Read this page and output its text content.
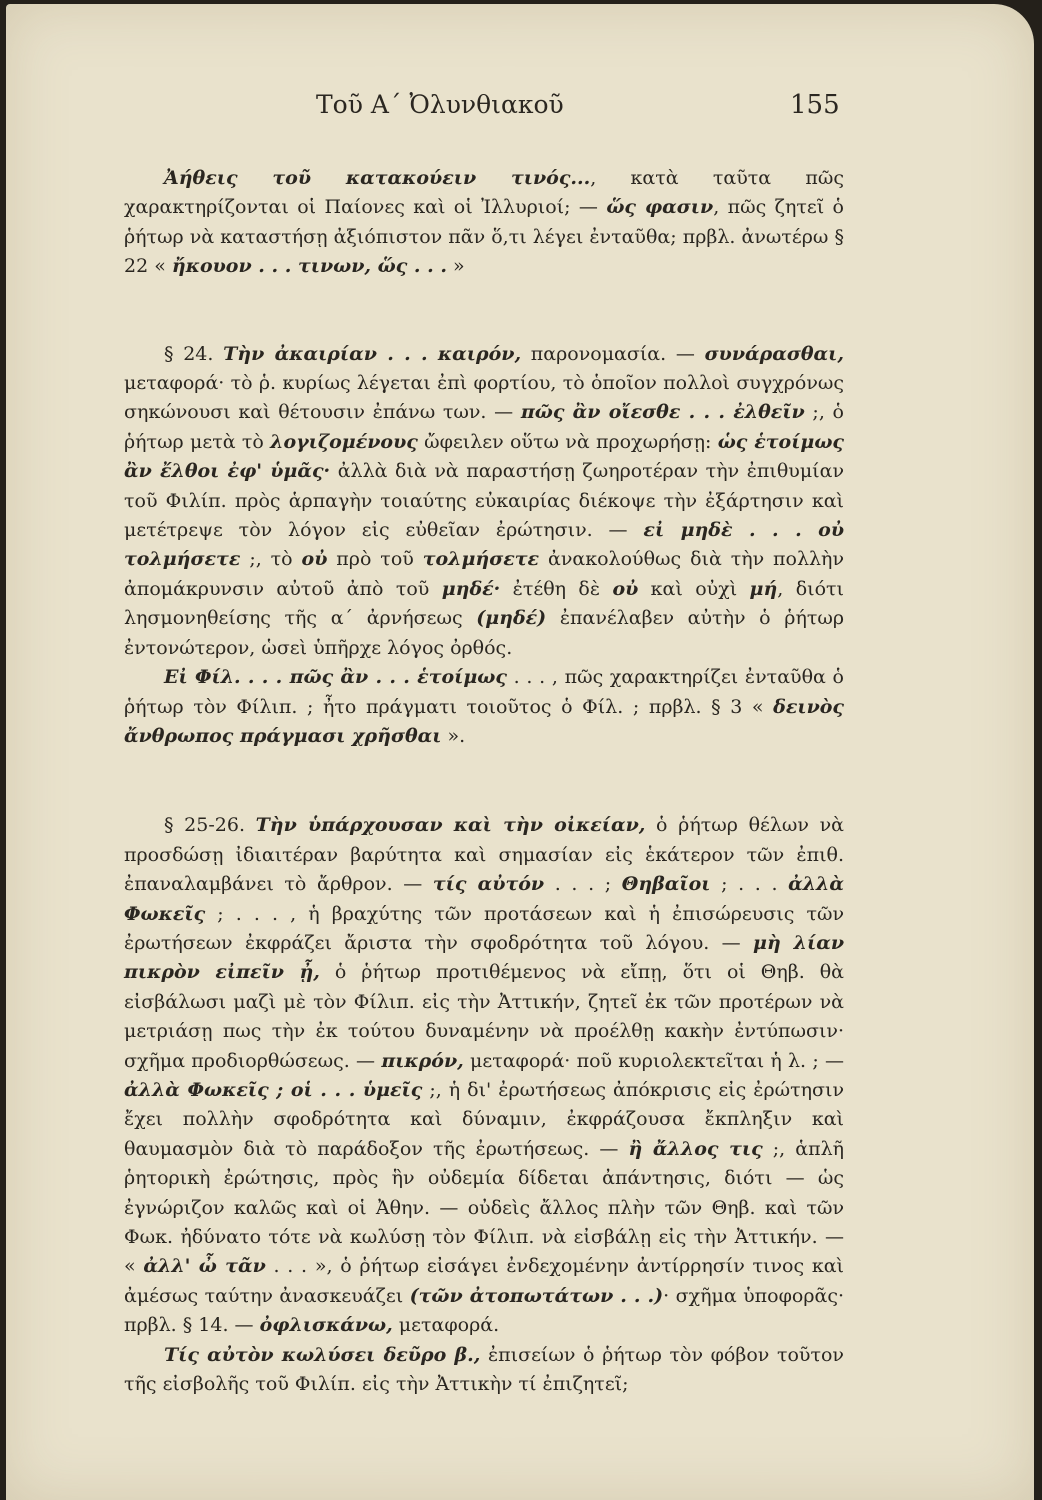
Τοῦ Α΄ Ὀλυνθιακοῦ	155

Ἀήθεις τοῦ κατακούειν τινός..., κατὰ ταῦτα πῶς χαρακτηρίζονται οἱ Παίονες καὶ οἱ Ἰλλυριοί; — ὥς φασιν, πῶς ζητεῖ ὁ ῥήτωρ νὰ καταστήσῃ ἀξιόπιστον πᾶν ὅ,τι λέγει ἐνταῦθα; πρβλ. ἀνωτέρω § 22 « ἤκουον . . . τινων, ὥς . . . »

§ 24. Τὴν ἀκαιρίαν . . . καιρόν, παρονομασία. — συνάρασθαι, μεταφορά· τὸ ῥ. κυρίως λέγεται ἐπὶ φορτίου, τὸ ὁποῖον πολλοὶ συγχρόνως σηκώνουσι καὶ θέτουσιν ἐπάνω των. — πῶς ἂν οἴεσθε . . . ἐλθεῖν ;, ὁ ῥήτωρ μετὰ τὸ λογιζομένους ὤφειλεν οὕτω νὰ προχωρήσῃ: ὡς ἑτοίμως ἂν ἔλθοι ἐφ' ὑμᾶς· ἀλλὰ διὰ νὰ παραστήσῃ ζωηροτέραν τὴν ἐπιθυμίαν τοῦ Φιλίπ. πρὸς ἁρπαγὴν τοιαύτης εὐκαιρίας διέκοψε τὴν ἐξάρτησιν καὶ μετέτρεψε τὸν λόγον εἰς εὐθεῖαν ἐρώτησιν. — εἰ μηδὲ . . . οὐ τολμήσετε ;, τὸ οὐ πρὸ τοῦ τολμήσετε ἀνακολούθως διὰ τὴν πολλὴν ἀπομάκρυνσιν αὐτοῦ ἀπὸ τοῦ μηδέ· ἐτέθη δὲ οὐ καὶ οὐχὶ μή, διότι λησμονηθείσης τῆς α΄ ἀρνήσεως (μηδέ) ἐπανέλαβεν αὐτὴν ὁ ῥήτωρ ἐντονώτερον, ὡσεὶ ὑπῆρχε λόγος ὀρθός.

Εἰ Φίλ. . . . πῶς ἂν . . . ἑτοίμως . . . , πῶς χαρακτηρίζει ἐνταῦθα ὁ ῥήτωρ τὸν Φίλιπ. ; ἦτο πράγματι τοιοῦτος ὁ Φίλ. ; πρβλ. § 3 « δεινὸς ἄνθρωπος πράγμασι χρῆσθαι ».

§ 25-26. Τὴν ὑπάρχουσαν καὶ τὴν οἰκείαν, ὁ ῥήτωρ θέλων νὰ προσδώσῃ ἰδιαιτέραν βαρύτητα καὶ σημασίαν εἰς ἑκάτερον τῶν ἐπιθ. ἐπαναλαμβάνει τὸ ἄρθρον. — τίς αὐτόν . . . ; Θηβαῖοι ; . . . ἀλλὰ Φωκεῖς ; . . . , ἡ βραχύτης τῶν προτάσεων καὶ ἡ ἐπισώρευσις τῶν ἐρωτήσεων ἐκφράζει ἄριστα τὴν σφοδρότητα τοῦ λόγου. — μὴ λίαν πικρὸν εἰπεῖν ᾖ, ὁ ῥήτωρ προτιθέμενος νὰ εἴπῃ, ὅτι οἱ Θηβ. θὰ εἰσβάλωσι μαζὶ μὲ τὸν Φίλιπ. εἰς τὴν Ἀττικήν, ζητεῖ ἐκ τῶν προτέρων νὰ μετριάσῃ πως τὴν ἐκ τούτου δυναμένην νὰ προέλθῃ κακὴν ἐντύπωσιν· σχῆμα προδιορθώσεως. — πικρόν, μεταφορά· ποῦ κυριολεκτεῖται ἡ λ. ; — ἀλλὰ Φωκεῖς ; οἱ . . . ὑμεῖς ;, ἡ δι' ἐρωτήσεως ἀπόκρισις εἰς ἐρώτησιν ἔχει πολλὴν σφοδρότητα καὶ δύναμιν, ἐκφράζουσα ἔκπληξιν καὶ θαυμασμὸν διὰ τὸ παράδοξον τῆς ἐρωτήσεως. — ἢ ἄλλος τις ;, ἁπλῆ ῥητορικὴ ἐρώτησις, πρὸς ἣν οὐδεμία δίδεται ἀπάντησις, διότι — ὡς ἐγνώριζον καλῶς καὶ οἱ Ἀθην. — οὐδεὶς ἄλλος πλὴν τῶν Θηβ. καὶ τῶν Φωκ. ἠδύνατο τότε νὰ κωλύσῃ τὸν Φίλιπ. νὰ εἰσβάλῃ εἰς τὴν Ἀττικήν. — « ἀλλ' ὦ τᾶν . . . », ὁ ῥήτωρ εἰσάγει ἐνδεχομένην ἀντίρρησίν τινος καὶ ἀμέσως ταύτην ἀνασκευάζει (τῶν ἀτοπωτάτων . . .)· σχῆμα ὑποφορᾶς· πρβλ. § 14. — ὀφλισκάνω, μεταφορά.

Τίς αὐτὸν κωλύσει δεῦρο β., ἐπισείων ὁ ῥήτωρ τὸν φόβον τοῦτον τῆς εἰσβολῆς τοῦ Φιλίπ. εἰς τὴν Ἀττικὴν τί ἐπιζητεῖ;
